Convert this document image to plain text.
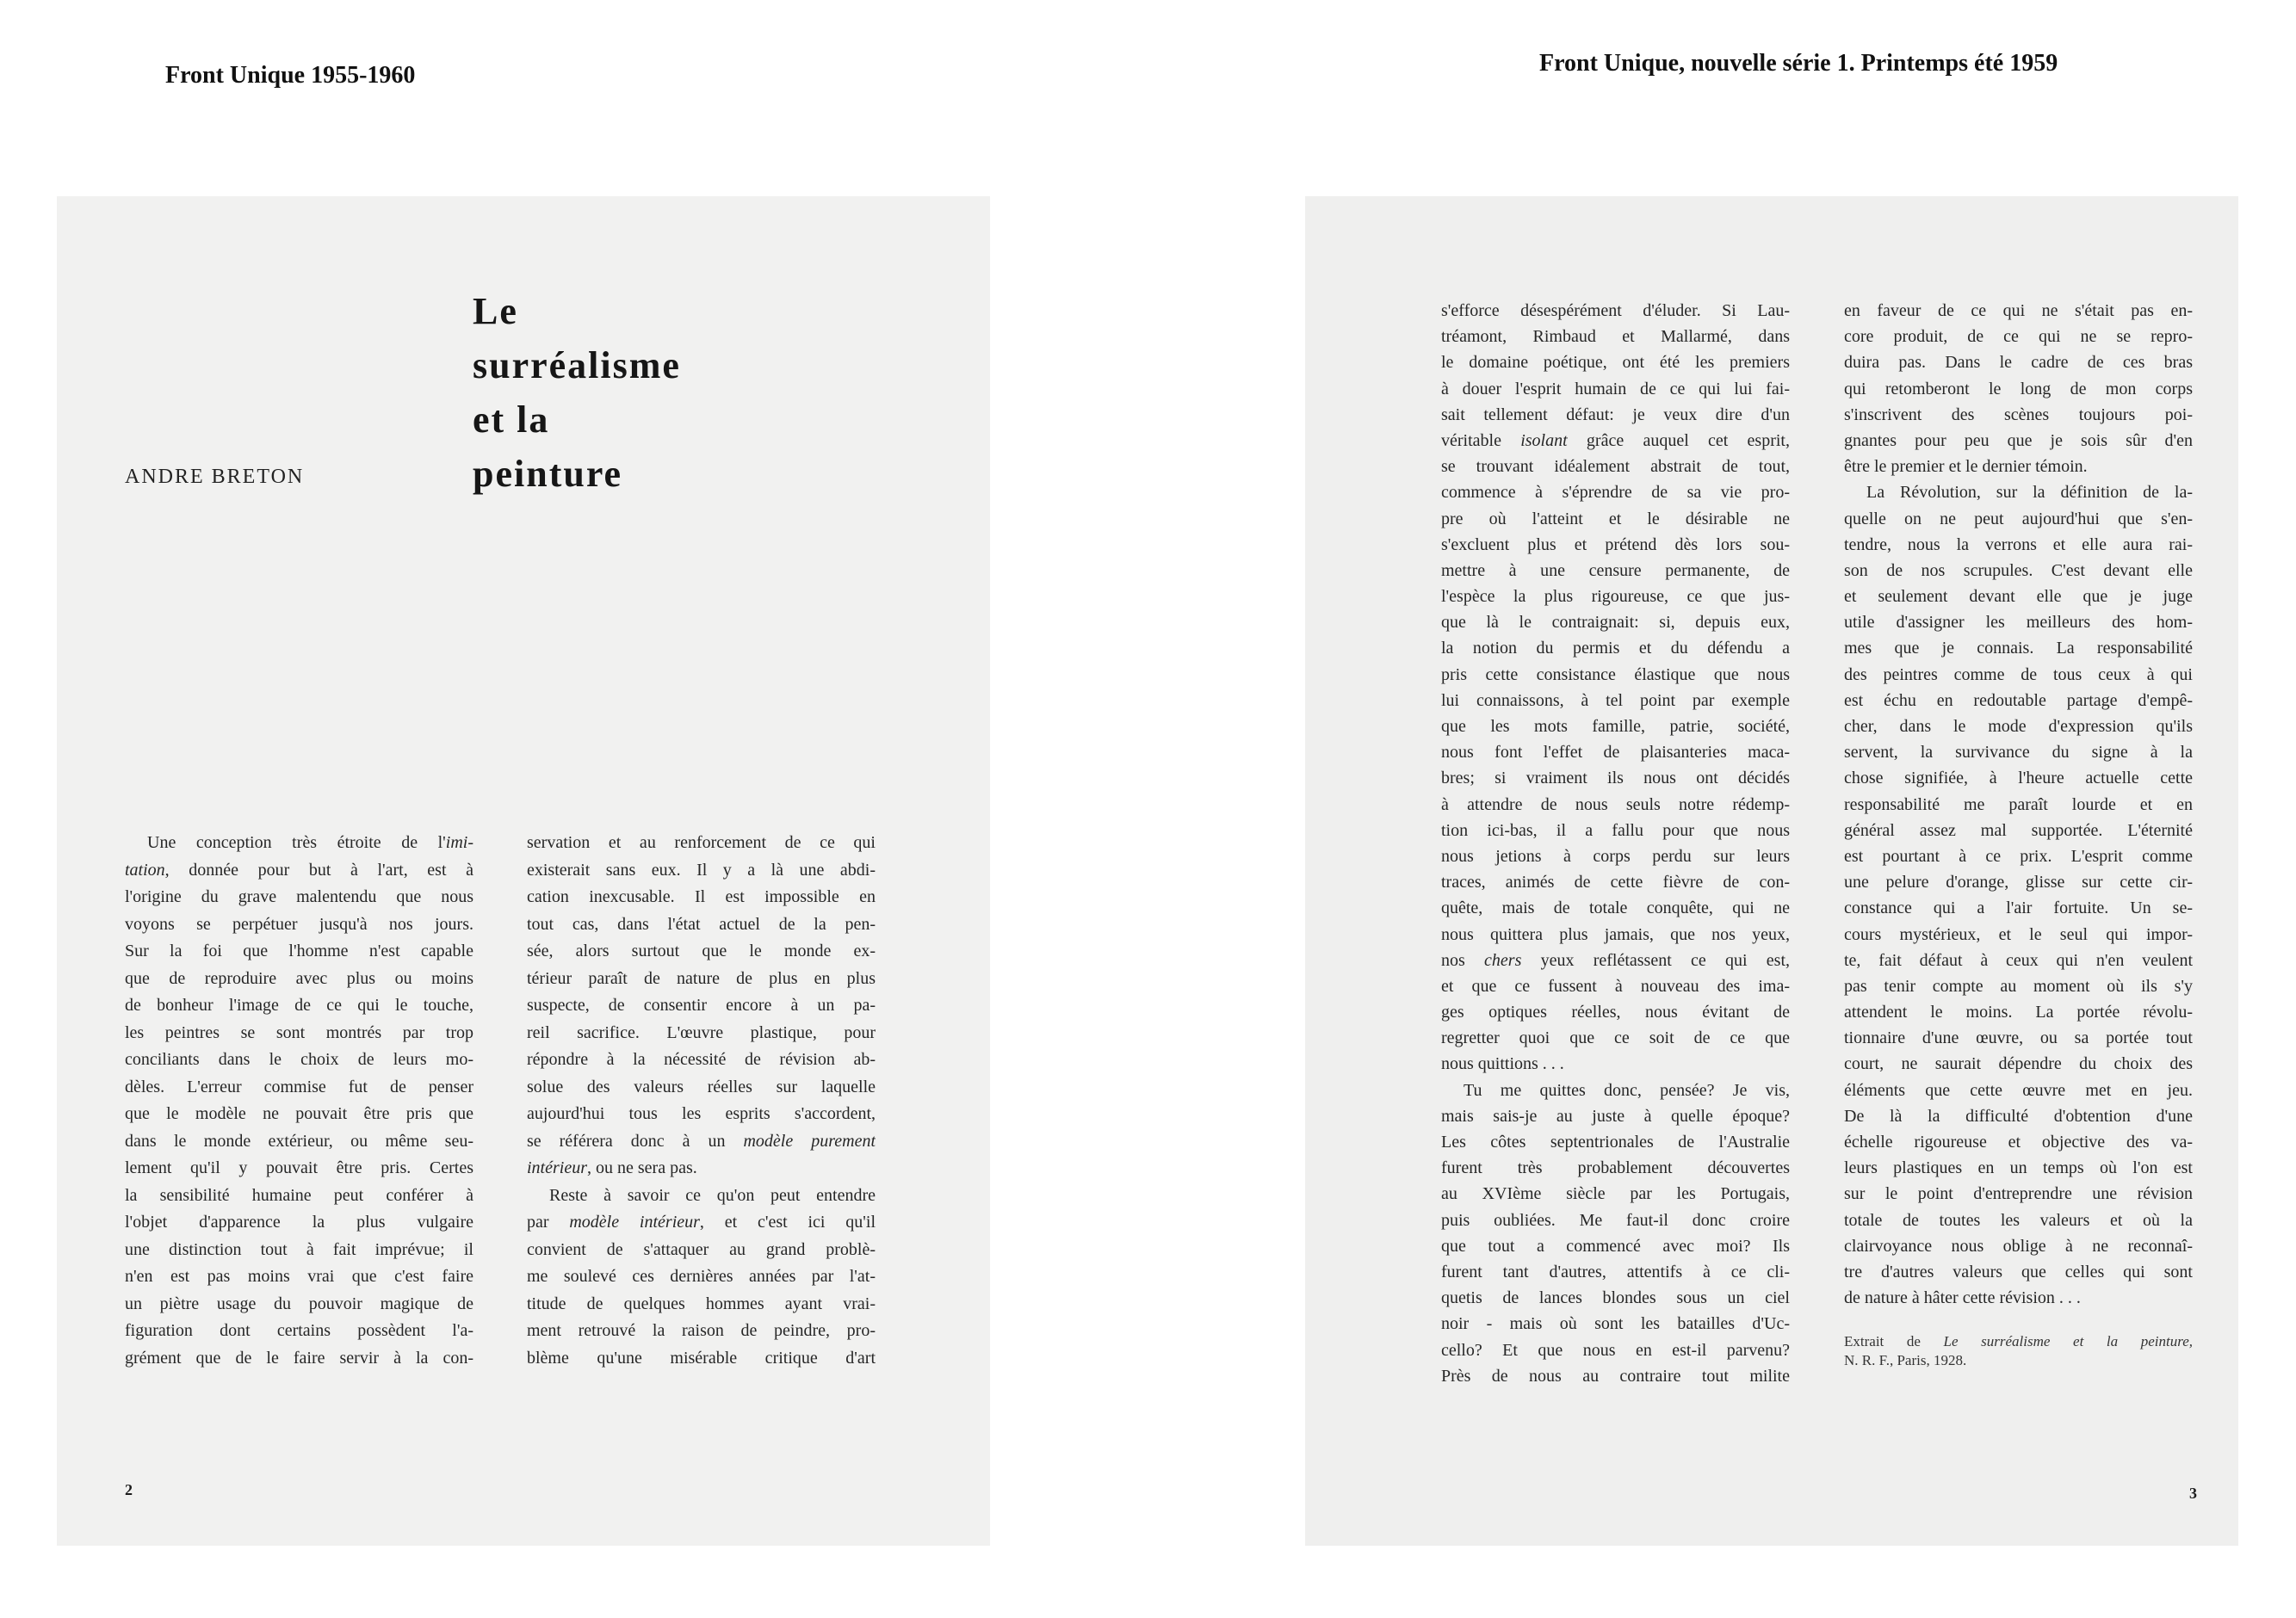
Front Unique 1955-1960	Front Unique, nouvelle série 1. Printemps été 1959
Le
surréalisme
et la
peinture
ANDRE BRETON
Une conception très étroite de l'imi-
tation, donnée pour but à l'art, est à
l'origine du grave malentendu que nous
voyons se perpétuer jusqu'à nos jours.
Sur la foi que l'homme n'est capable
que de reproduire avec plus ou moins
de bonheur l'image de ce qui le touche,
les peintres se sont montrés par trop
conciliants dans le choix de leurs mo-
dèles. L'erreur commise fut de penser
que le modèle ne pouvait être pris que
dans le monde extérieur, ou même seu-
lement qu'il y pouvait être pris. Certes
la sensibilité humaine peut conférer à
l'objet d'apparence la plus vulgaire
une distinction tout à fait imprévue; il
n'en est pas moins vrai que c'est faire
un piètre usage du pouvoir magique de
figuration dont certains possèdent l'a-
grément que de le faire servir à la con-
servation et au renforcement de ce qui
existerait sans eux. Il y a là une abdi-
cation inexcusable. Il est impossible en
tout cas, dans l'état actuel de la pen-
sée, alors surtout que le monde ex-
térieur paraît de nature de plus en plus
suspecte, de consentir encore à un pa-
reil sacrifice. L'œuvre plastique, pour
répondre à la nécessité de révision ab-
solue des valeurs réelles sur laquelle
aujourd'hui tous les esprits s'accordent,
se référera donc à un modèle purement
intérieur, ou ne sera pas.
Reste à savoir ce qu'on peut entendre
par modèle intérieur, et c'est ici qu'il
convient de s'attaquer au grand problè-
me soulevé ces dernières années par l'at-
titude de quelques hommes ayant vrai-
ment retrouvé la raison de peindre, pro-
blème qu'une misérable critique d'art
2
s'efforce désespérément d'éluder. Si Lau-
tréamont, Rimbaud et Mallarmé, dans
le domaine poétique, ont été les premiers
à douer l'esprit humain de ce qui lui fai-
sait tellement défaut: je veux dire d'un
véritable isolant grâce auquel cet esprit,
se trouvant idéalement abstrait de tout,
commence à s'éprendre de sa vie pro-
pre où l'atteint et le désirable ne
s'excluent plus et prétend dès lors sou-
mettre à une censure permanente, de
l'espèce la plus rigoureuse, ce que jus-
que là le contraignait: si, depuis eux,
la notion du permis et du défendu a
pris cette consistance élastique que nous
lui connaissons, à tel point par exemple
que les mots famille, patrie, société,
nous font l'effet de plaisanteries maca-
bres; si vraiment ils nous ont décidés
à attendre de nous seuls notre rédemp-
tion ici-bas, il a fallu pour que nous
nous jetions à corps perdu sur leurs
traces, animés de cette fièvre de con-
quête, mais de totale conquête, qui ne
nous quittera plus jamais, que nos yeux,
nos chers yeux reflétassent ce qui est,
et que ce fussent à nouveau des ima-
ges optiques réelles, nous évitant de
regretter quoi que ce soit de ce que
nous quittions . . .
Tu me quittes donc, pensée? Je vis,
mais sais-je au juste à quelle époque?
Les côtes septentrionales de l'Australie
furent très probablement découvertes
au XVIème siècle par les Portugais,
puis oubliées. Me faut-il donc croire
que tout a commencé avec moi? Ils
furent tant d'autres, attentifs à ce cli-
quetis de lances blondes sous un ciel
noir - mais où sont les batailles d'Uc-
cello? Et que nous en est-il parvenu?
Près de nous au contraire tout milite
en faveur de ce qui ne s'était pas en-
core produit, de ce qui ne se repro-
duira pas. Dans le cadre de ces bras
qui retomberont le long de mon corps
s'inscrivent des scènes toujours poi-
gnantes pour peu que je sois sûr d'en
être le premier et le dernier témoin.
La Révolution, sur la définition de la-
quelle on ne peut aujourd'hui que s'en-
tendre, nous la verrons et elle aura rai-
son de nos scrupules. C'est devant elle
et seulement devant elle que je juge
utile d'assigner les meilleurs des hom-
mes que je connais. La responsabilité
des peintres comme de tous ceux à qui
est échu en redoutable partage d'empê-
cher, dans le mode d'expression qu'ils
servent, la survivance du signe à la
chose signifiée, à l'heure actuelle cette
responsabilité me paraît lourde et en
général assez mal supportée. L'éternité
est pourtant à ce prix. L'esprit comme
une pelure d'orange, glisse sur cette cir-
constance qui a l'air fortuite. Un se-
cours mystérieux, et le seul qui impor-
te, fait défaut à ceux qui n'en veulent
pas tenir compte au moment où ils s'y
attendent le moins. La portée révolu-
tionnaire d'une œuvre, ou sa portée tout
court, ne saurait dépendre du choix des
éléments que cette œuvre met en jeu.
De là la difficulté d'obtention d'une
échelle rigoureuse et objective des va-
leurs plastiques en un temps où l'on est
sur le point d'entreprendre une révision
totale de toutes les valeurs et où la
clairvoyance nous oblige à ne reconnaî-
tre d'autres valeurs que celles qui sont
de nature à hâter cette révision . . .
Extrait de Le surréalisme et la peinture,
N. R. F., Paris, 1928.
3
